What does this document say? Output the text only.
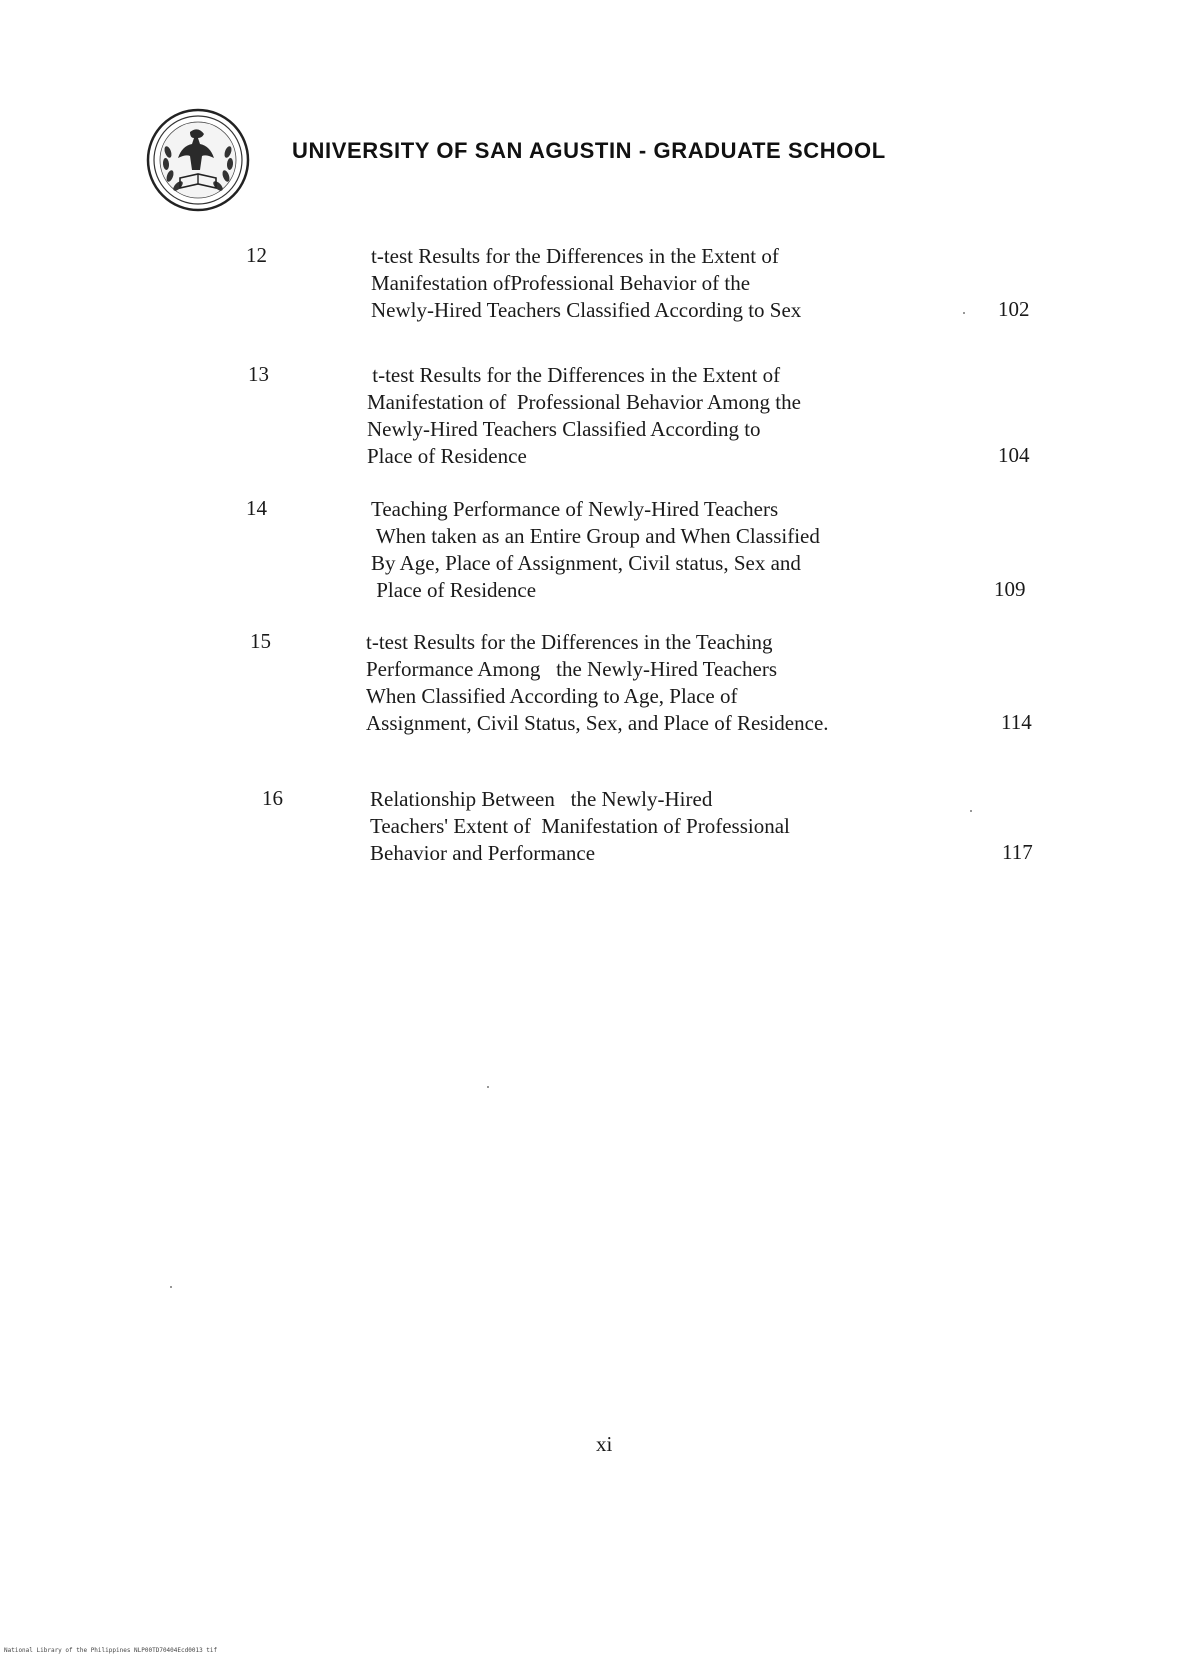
UNIVERSITY OF SAN AGUSTIN - GRADUATE SCHOOL
12	t-test Results for the Differences in the Extent of
Manifestation ofProfessional Behavior of the
Newly-Hired Teachers Classified According to Sex	102
13	t-test Results for the Differences in the Extent of
Manifestation of  Professional Behavior Among the
Newly-Hired Teachers Classified According to
Place of Residence	104
14	Teaching Performance of Newly-Hired Teachers
When taken as an Entire Group and When Classified
By Age, Place of Assignment, Civil status, Sex and
Place of Residence	109
15	t-test Results for the Differences in the Teaching
Performance Among   the Newly-Hired Teachers
When Classified According to Age, Place of
Assignment, Civil Status, Sex, and Place of Residence.	114
16	Relationship Between   the Newly-Hired
Teachers' Extent of  Manifestation of Professional
Behavior and Performance	117
xi
National Library of the Philippines NLP00TD70404Ecd0013 tif
